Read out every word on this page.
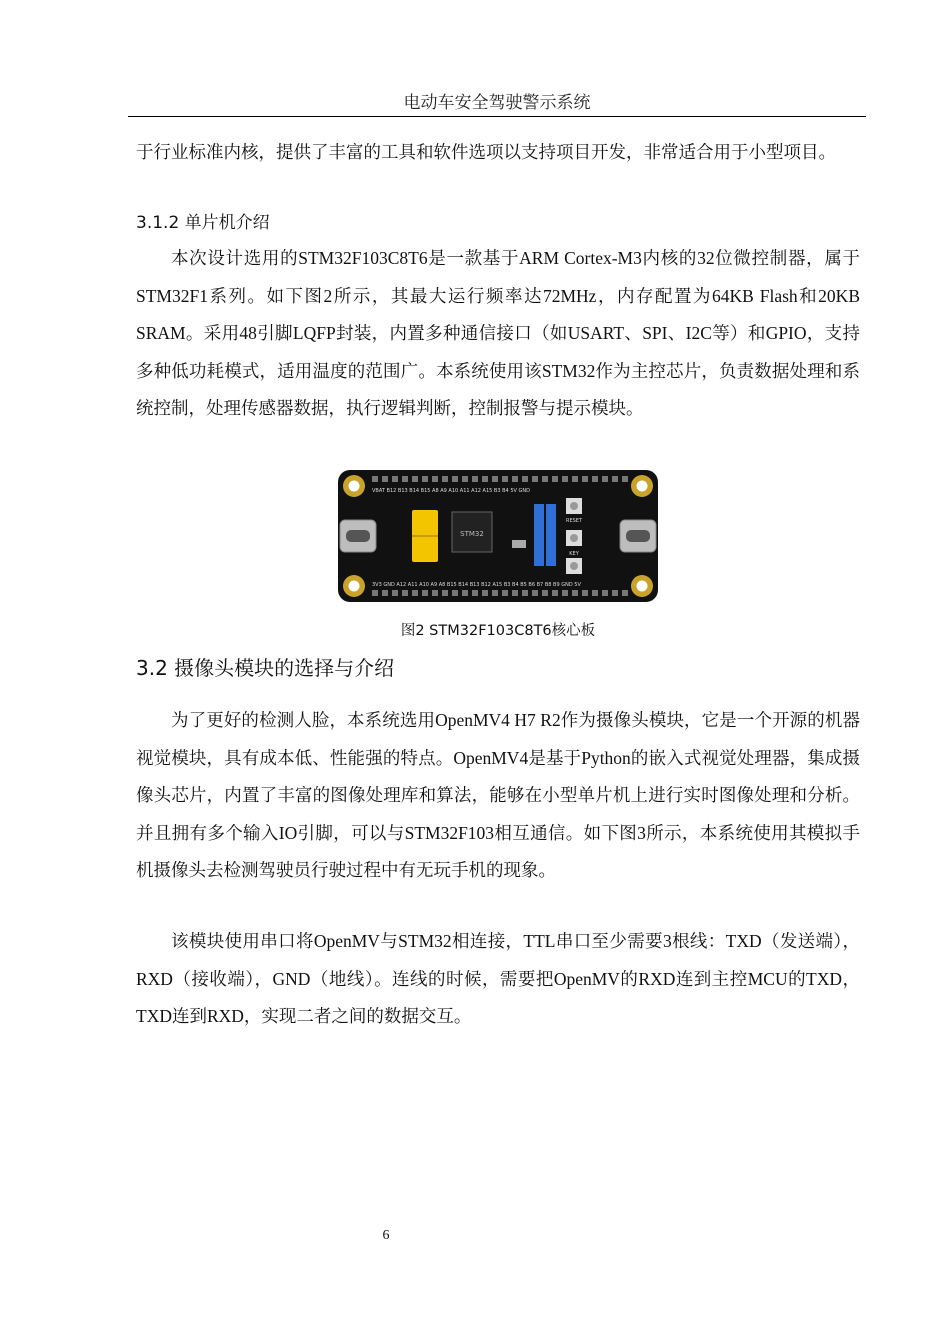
电动车安全驾驶警示系统

于行业标准内核，提供了丰富的工具和软件选项以支持项目开发，非常适合用于小型项目。

3.1.2 单片机介绍

本次设计选用的STM32F103C8T6是一款基于ARM Cortex-M3内核的32位微控制器，属于STM32F1系列。如下图2所示，其最大运行频率达72MHz，内存配置为64KB Flash和20KB SRAM。采用48引脚LQFP封装，内置多种通信接口（如USART、SPI、I2C等）和GPIO，支持多种低功耗模式，适用温度的范围广。本系统使用该STM32作为主控芯片，负责数据处理和系统控制，处理传感器数据，执行逻辑判断，控制报警与提示模块。

VBAT B12 B13 B14 B15 A8 A9 A10 A11 A12 A15 B3 B4 5V GND
3V3 GND A12 A11 A10 A9 A8 B15 B14 B13 B12 A15 B3 B4 B5 B6 B7 B8 B9 GND 5V
STM32
RESET
KEY
图2 STM32F103C8T6核心板
3.2 摄像头模块的选择与介绍

为了更好的检测人脸，本系统选用OpenMV4 H7 R2作为摄像头模块，它是一个开源的机器视觉模块，具有成本低、性能强的特点。OpenMV4是基于Python的嵌入式视觉处理器，集成摄像头芯片，内置了丰富的图像处理库和算法，能够在小型单片机上进行实时图像处理和分析。并且拥有多个输入IO引脚，可以与STM32F103相互通信。如下图3所示，本系统使用其模拟手机摄像头去检测驾驶员行驶过程中有无玩手机的现象。

该模块使用串口将OpenMV与STM32相连接，TTL串口至少需要3根线：TXD（发送端），RXD（接收端），GND（地线）。连线的时候，需要把OpenMV的RXD连到主控MCU的TXD，TXD连到RXD，实现二者之间的数据交互。

6
